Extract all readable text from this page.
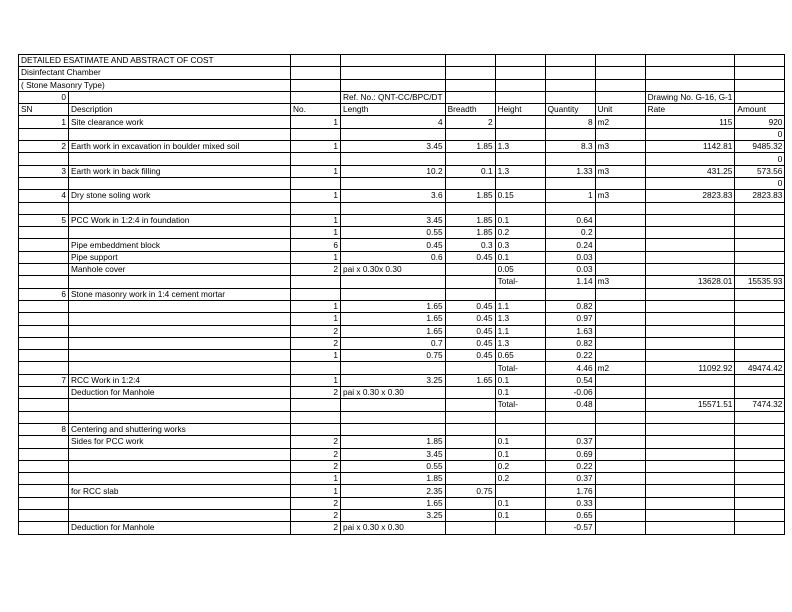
DETAILED ESATIMATE AND ABSTRACT OF COST									
Disinfectant Chamber									
( Stone Masonry Type)									
0			Ref. No.: QNT-CC/BPC/DT					Drawing No. G-16, G-1	
SN	Description	No.	Length	Breadth	Height	Quantity	Unit	Rate	Amount
1	Site clearance work	1	4	2		8	m2	115	920
									0
2	Earth work in excavation in boulder mixed soil	1	3.45	1.85	1.3	8.3	m3	1142.81	9485.32
									0
3	Earth work in back filling	1	10.2	0.1	1.3	1.33	m3	431.25	573.56
									0
4	Dry stone soling work	1	3.6	1.85	0.15	1	m3	2823.83	2823.83

5	PCC Work in 1:2:4 in foundation	1	3.45	1.85	0.1	0.64			
		1	0.55	1.85	0.2	0.2			
	Pipe embeddment block	6	0.45	0.3	0.3	0.24			
	Pipe support	1	0.6	0.45	0.1	0.03			
	Manhole cover	2	pai x 0.30x 0.30		0.05	0.03			
					Total-	1.14	m3	13628.01	15535.93
6	Stone masonry work in 1:4 cement mortar								
		1	1.65	0.45	1.1	0.82			
		1	1.65	0.45	1.3	0.97			
		2	1.65	0.45	1.1	1.63			
		2	0.7	0.45	1.3	0.82			
		1	0.75	0.45	0.65	0.22			
					Total-	4.46	m2	11092.92	49474.42
7	RCC Work in 1:2:4	1	3.25	1.65	0.1	0.54			
	Deduction for Manhole	2	pai x 0.30 x 0.30		0.1	-0.06			
					Total-	0.48		15571.51	7474.32

8	Centering and shuttering works								
	Sides for PCC work	2	1.85		0.1	0.37			
		2	3.45		0.1	0.69			
		2	0.55		0.2	0.22			
		1	1.85		0.2	0.37			
	for RCC slab	1	2.35	0.75		1.76			
		2	1.65		0.1	0.33			
		2	3.25		0.1	0.65			
	Deduction for Manhole	2	pai x 0.30 x 0.30			-0.57			
